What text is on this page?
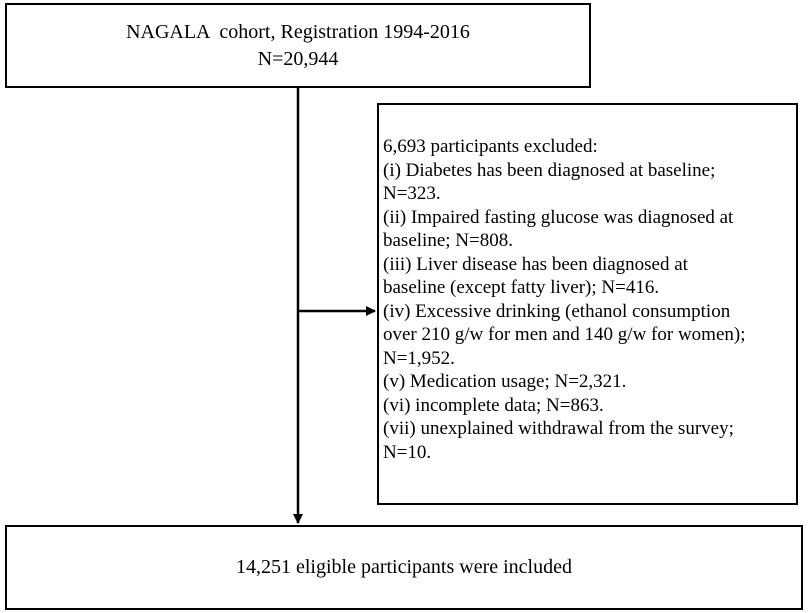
NAGALA  cohort, Registration 1994-2016
N=20,944
6,693 participants excluded:
(i) Diabetes has been diagnosed at baseline;
N=323.
(ii) Impaired fasting glucose was diagnosed at
baseline; N=808.
(iii) Liver disease has been diagnosed at
baseline (except fatty liver); N=416.
(iv) Excessive drinking (ethanol consumption
over 210 g/w for men and 140 g/w for women);
N=1,952.
(v) Medication usage; N=2,321.
(vi) incomplete data; N=863.
(vii) unexplained withdrawal from the survey;
N=10.
14,251 eligible participants were included
